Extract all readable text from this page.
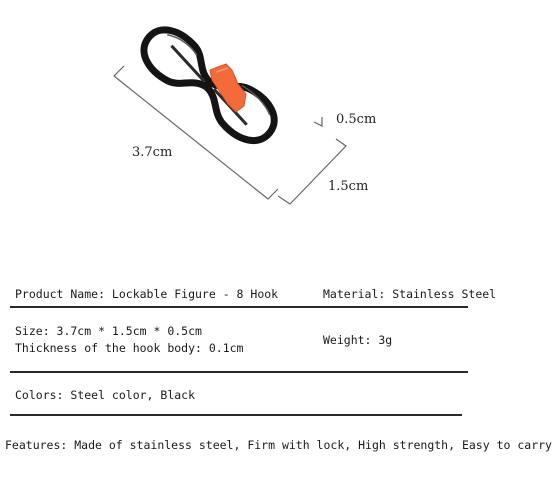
3.7cm
0.5cm
1.5cm
Product Name: Lockable Figure - 8 Hook	Material: Stainless Steel
Size: 3.7cm * 1.5cm * 0.5cm
Thickness of the hook body: 0.1cm
Weight: 3g
Colors: Steel color, Black
Features: Made of stainless steel, Firm with lock, High strength, Easy to carry
